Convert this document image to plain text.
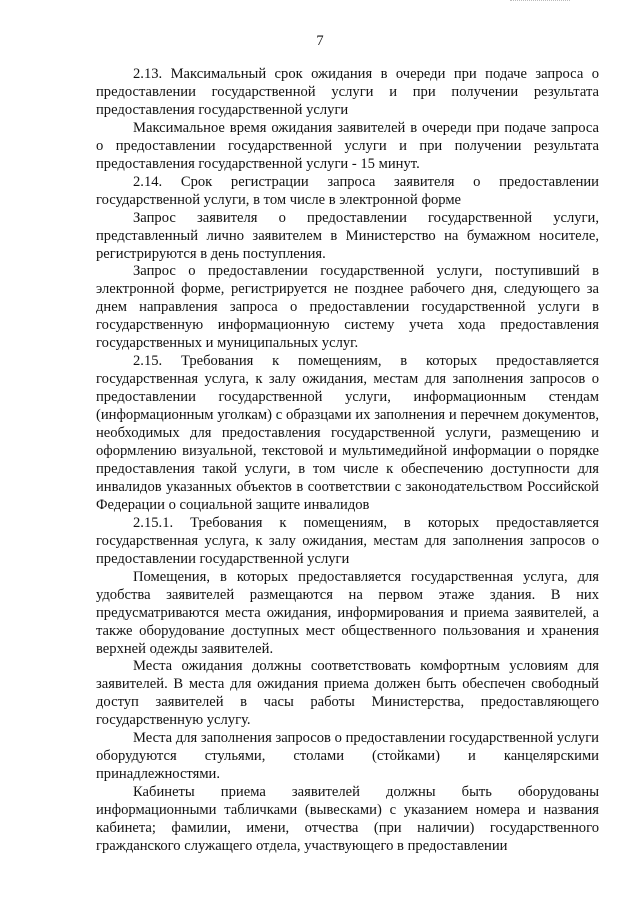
7

2.13. Максимальный срок ожидания в очереди при подаче запроса о предоставлении государственной услуги и при получении результата предоставления государственной услуги

Максимальное время ожидания заявителей в очереди при подаче запроса о предоставлении государственной услуги и при получении результата предоставления государственной услуги - 15 минут.

2.14. Срок регистрации запроса заявителя о предоставлении государственной услуги, в том числе в электронной форме

Запрос заявителя о предоставлении государственной услуги, представленный лично заявителем в Министерство на бумажном носителе, регистрируются в день поступления.

Запрос о предоставлении государственной услуги, поступивший в электронной форме, регистрируется не позднее рабочего дня, следующего за днем направления запроса о предоставлении государственной услуги в государственную информационную систему учета хода предоставления государственных и муниципальных услуг.

2.15. Требования к помещениям, в которых предоставляется государственная услуга, к залу ожидания, местам для заполнения запросов о предоставлении государственной услуги, информационным стендам (информационным уголкам) с образцами их заполнения и перечнем документов, необходимых для предоставления государственной услуги, размещению и оформлению визуальной, текстовой и мультимедийной информации о порядке предоставления такой услуги, в том числе к обеспечению доступности для инвалидов указанных объектов в соответствии с законодательством Российской Федерации о социальной защите инвалидов

2.15.1. Требования к помещениям, в которых предоставляется государственная услуга, к залу ожидания, местам для заполнения запросов о предоставлении государственной услуги

Помещения, в которых предоставляется государственная услуга, для удобства заявителей размещаются на первом этаже здания. В них предусматриваются места ожидания, информирования и приема заявителей, а также оборудование доступных мест общественного пользования и хранения верхней одежды заявителей.

Места ожидания должны соответствовать комфортным условиям для заявителей. В места для ожидания приема должен быть обеспечен свободный доступ заявителей в часы работы Министерства, предоставляющего государственную услугу.

Места для заполнения запросов о предоставлении государственной услуги оборудуются стульями, столами (стойками) и канцелярскими принадлежностями.

Кабинеты приема заявителей должны быть оборудованы информационными табличками (вывесками) с указанием номера и названия кабинета; фамилии, имени, отчества (при наличии) государственного гражданского служащего отдела, участвующего в предоставлении
